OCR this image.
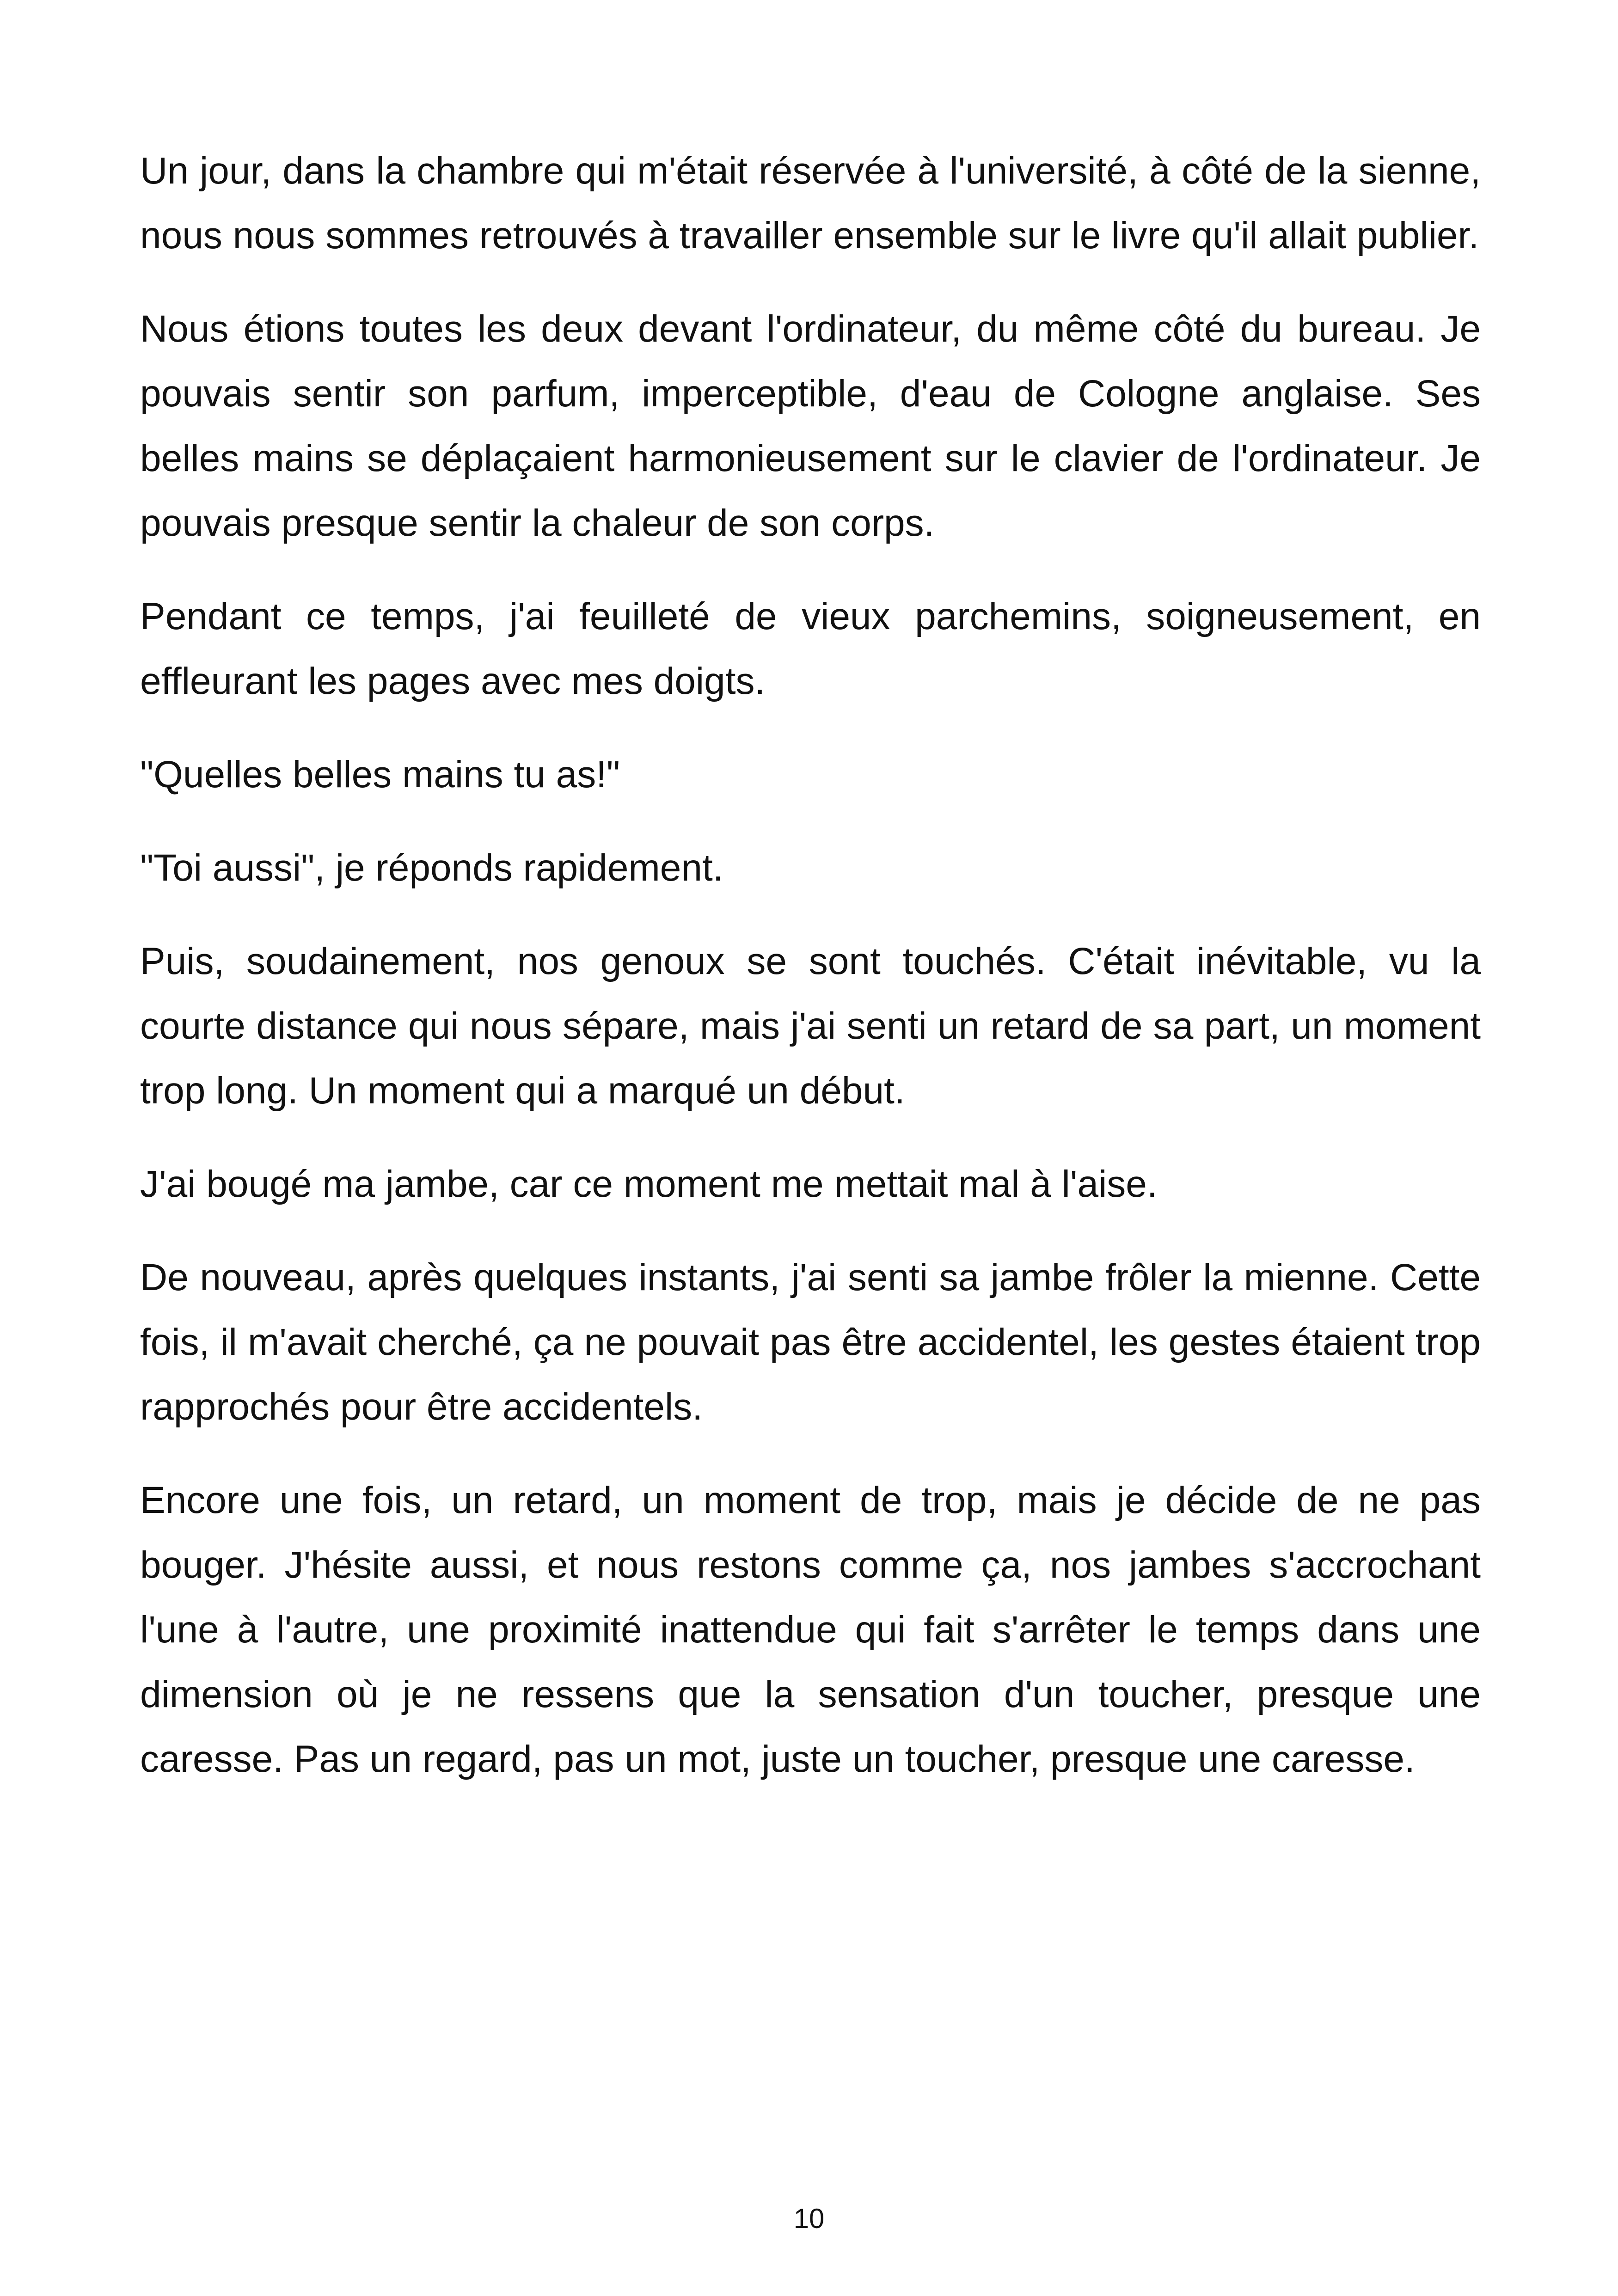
Un jour, dans la chambre qui m'était réservée à l'université, à côté de la sienne, nous nous sommes retrouvés à travailler ensemble sur le livre qu'il allait publier.

Nous étions toutes les deux devant l'ordinateur, du même côté du bureau. Je pouvais sentir son parfum, imperceptible, d'eau de Cologne anglaise. Ses belles mains se déplaçaient harmonieusement sur le clavier de l'ordinateur. Je pouvais presque sentir la chaleur de son corps.

Pendant ce temps, j'ai feuilleté de vieux parchemins, soigneusement, en effleurant les pages avec mes doigts.

"Quelles belles mains tu as!"

"Toi aussi", je réponds rapidement.

Puis, soudainement, nos genoux se sont touchés. C'était inévitable, vu la courte distance qui nous sépare, mais j'ai senti un retard de sa part, un moment trop long. Un moment qui a marqué un début.

J'ai bougé ma jambe, car ce moment me mettait mal à l'aise.

De nouveau, après quelques instants, j'ai senti sa jambe frôler la mienne. Cette fois, il m'avait cherché, ça ne pouvait pas être accidentel, les gestes étaient trop rapprochés pour être accidentels.

Encore une fois, un retard, un moment de trop, mais je décide de ne pas bouger. J'hésite aussi, et nous restons comme ça, nos jambes s'accrochant l'une à l'autre, une proximité inattendue qui fait s'arrêter le temps dans une dimension où je ne ressens que la sensation d'un toucher, presque une caresse. Pas un regard, pas un mot, juste un toucher, presque une caresse.

10
